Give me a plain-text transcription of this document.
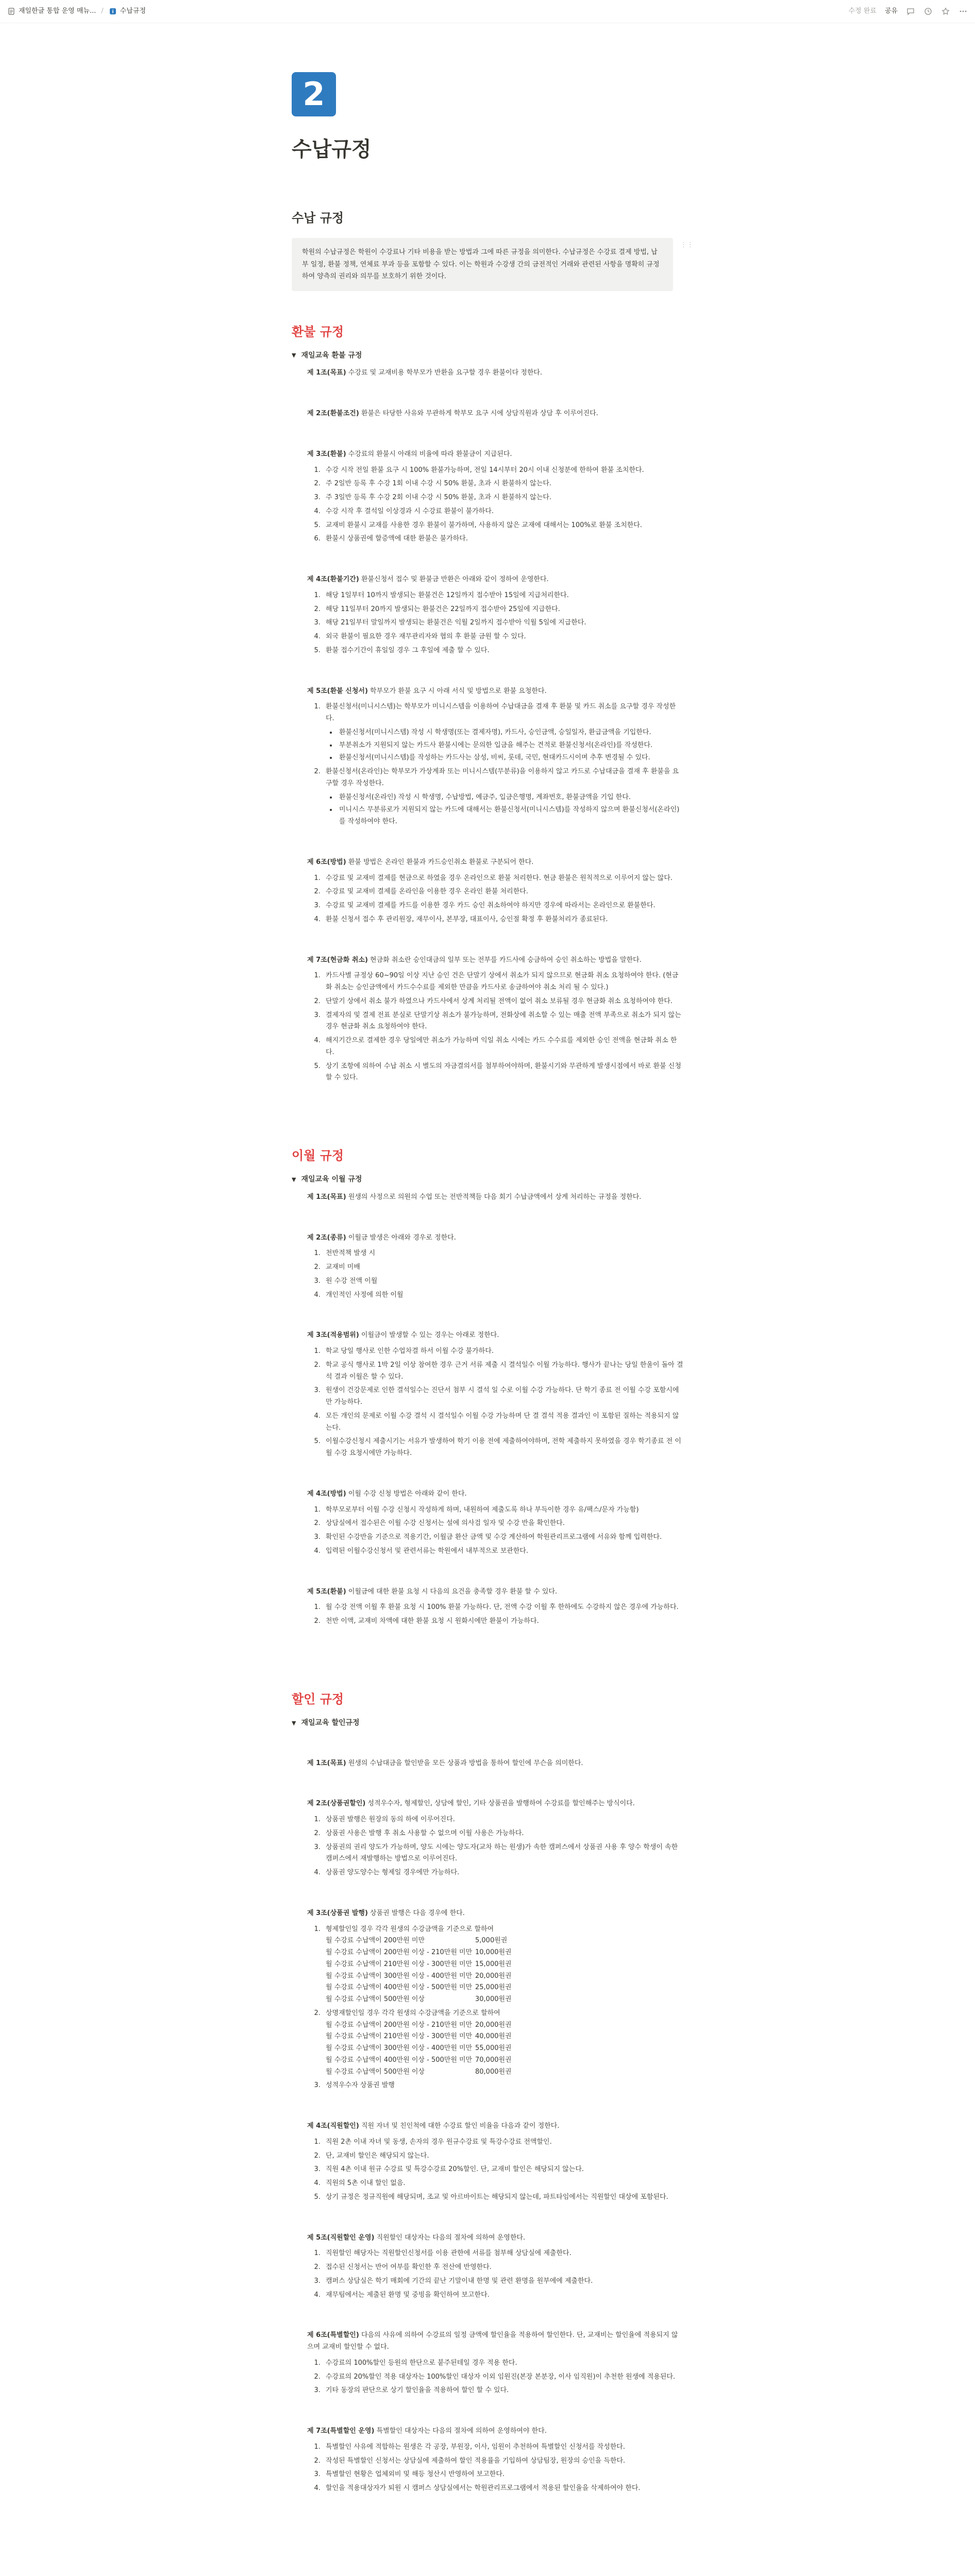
재일한글 통합 운영 매뉴... / i 수납규정	수정 완료 공유
2
수납규정
수납 규정
학원의 수납규정은 학원이 수강료나 기타 비용을 받는 방법과 그에 따른 규정을 의미한다. 수납규정은 수강료 결제 방법, 납부 일정, 환불 정책, 연체료 부과 등을 포함할 수 있다. 이는 학원과 수강생 간의 금전적인 거래와 관련된 사항을 명확히 규정하여 양측의 권리와 의무를 보호하기 위한 것이다.
⋮⋮
환불 규정
▼ 재일교육 환불 규정
제 1조(목표) 수강료 및 교재비용 학부모가 반환을 요구할 경우 환불이다 정한다.
제 2조(환불조건) 환불은 타당한 사유와 무관하게 학부모 요구 시에 상담직원과 상담 후 이루어진다.
제 3조(환불) 수강료의 환불시 아래의 비율에 따라 환불금이 지급된다.
1. 수강 시작 전일 환불 요구 시 100% 환불가능하며, 전일 14시부터 20시 이내 신청분에 한하여 환불 조치한다.
2. 주 2일반 등록 후 수강 1회 이내 수강 시 50% 환불, 초과 시 환불하지 않는다.
3. 주 3일반 등록 후 수강 2회 이내 수강 시 50% 환불, 초과 시 환불하지 않는다.
4. 수강 시작 후 결석일 이상경과 시 수강료 환불이 불가하다.
5. 교재비 환불시 교재를 사용한 경우 환불이 불가하며, 사용하지 않은 교재에 대해서는 100%로 환불 조치한다.
6. 환불시 상품권에 할증액에 대한 환불은 불가하다.
제 4조(환불기간) 환불신청서 접수 및 환불금 반환은 아래와 같이 정하여 운영한다.
1. 해당 1일부터 10까지 발생되는 환불건은 12일까지 접수받아 15일에 지급처리한다.
2. 해당 11일부터 20까지 발생되는 환불건은 22일까지 접수받아 25일에 지급한다.
3. 해당 21일부터 말일까지 발생되는 환불건은 익월 2일까지 접수받아 익월 5일에 지급한다.
4. 외국 환불이 필요한 경우 재무관리자와 협의 후 환불 금원 할 수 있다.
5. 환불 접수기간이 휴일일 경우 그 후일에 제출 할 수 있다.
제 5조(환불 신청서) 학부모가 환불 요구 시 아래 서식 및 방법으로 환불 요청한다.
1. 환불신청서(미니시스템)는 학부모가 미니시스템을 이용하여 수납대금을 결재 후 환불 및 카드 취소를 요구할 경우 작성한다.
• 환불신청서(미니시스템) 작성 시 학생명(또는 결제자명), 카드사, 승인금액, 승일일자, 환급금액을 기입한다.
• 부분취소가 지원되지 않는 카드사 환불시에는 문의한 입금을 해주는 견적로 환불신청서(온라인)를 작성한다.
• 환불신청서(미니시스템)를 작성하는 카드사는 삼성, 비씨, 롯데, 국민, 현대카드시이며 추후 변경될 수 있다.
2. 환불신청서(온라인)는 학부모가 가상계좌 또는 미니시스템(무분류)을 이용하지 않고 카드로 수납대금을 결재 후 환불을 요구할 경우 작성한다.
• 환불신청서(온라인) 작성 시 학생명, 수납방법, 예금주, 입금은행명, 계좌번호, 환불금액을 기입 한다.
• 미니시스 무분류로가 지원되지 않는 카드에 대해서는 환불신청서(미니시스템)를 작성하지 않으며 환불신청서(온라인)를 작성하여야 한다.
제 6조(방법) 환불 방법은 온라인 환불과 카드승인취소 환불로 구분되어 한다.
1. 수강료 및 교재비 결제를 현금으로 하였을 경우 온라인으로 환불 처리한다. 현금 환불은 원칙적으로 이루어지 않는 않다.
2. 수강료 및 교재비 결제를 온라인을 이용한 경우 온라인 환불 처리한다.
3. 수강료 및 교재비 결제를 카드를 이용한 경우 카드 승인 취소하여야 하지만 경우에 따라서는 온라인으로 환불한다.
4. 환불 신청서 접수 후 관리원장, 재무이사, 본부장, 대표이사, 승인절 확정 후 환불처리가 종료된다.
제 7조(현금화 취소) 현금화 취소란 승인대금의 일부 또는 전부를 카드사에 승금하여 승인 취소하는 방법을 말한다.
1. 카드사별 규정상 60~90일 이상 지난 승인 건은 단말기 상에서 취소가 되지 않으므로 현금화 취소 요청하여야 한다. (현금화 취소는 승인금액에서 카드수수료를 제외한 만큼을 카드사로 송금하여야 취소 처리 될 수 있다.)
2. 단말기 상에서 취소 불가 하였으나 카드사에서 상계 처리될 전액이 없어 취소 보류될 경우 현금화 취소 요청하여야 한다.
3. 결제자의 및 결제 전표 분실로 단말기상 취소가 불가능하며, 전화상에 취소할 수 있는 매출 전액 부족으로 취소가 되지 않는 경우 현금화 취소 요청하여야 한다.
4. 해지기간으로 결제한 경우 당일에만 취소가 가능하며 익일 취소 시에는 카드 수수료를 제외한 승인 전액을 현금화 취소 한다.
5. 상기 조항에 의하여 수납 취소 시 별도의 자금결의서를 첨부하여야하며, 환불시기와 무관하게 발생시점에서 바로 환불 신청할 수 있다.
이월 규정
▼ 재일교육 이월 규정
제 1조(목표) 원생의 사정으로 의원의 수업 또는 전반적책들 다음 회기 수납금액에서 상계 처리하는 규정을 정한다.
제 2조(종류) 이월금 발생은 아래와 경우로 정한다.
1. 천반적책 발생 시
2. 교재비 미배
3. 원 수강 전액 이월
4. 개인적인 사정에 의한 이월
제 3조(적용범위) 이월금이 발생할 수 있는 경우는 아래로 정한다.
1. 학교 당일 행사로 인한 수업차결 하서 이월 수강 불가하다.
2. 학교 공식 행사로 1박 2일 이상 참여한 경우 근거 서류 제출 시 결석일수 이월 가능하다. 행사가 끝나는 당일 한울이 돌아 결석 결과 이월은 할 수 있다.
3. 원생이 건강문제로 인한 결석일수는 진단서 첨부 시 결석 일 수로 이월 수강 가능하다. 단 학기 종료 전 이월 수강 포함시에만 가능하다.
4. 모든 개인의 문제로 이월 수강 결석 시 결석일수 이월 수강 가능하며 단 결 결석 적용 결과인 이 포함된 질하는 적용되지 않는다.
5. 이월수강신청시 제출시기는 서유가 발생하여 학기 이용 전에 제출하여야하며, 전학 제출하지 못하였을 경우 학기종료 전 이월 수강 요청시에만 가능하다.
제 4조(방법) 이월 수강 신청 방법은 아래와 같이 한다.
1. 학부모로부터 이월 수강 신청시 작성하게 하며, 내원하여 제출도록 하나 부득이한 경우 유/팩스/문자 가능함)
2. 상담실에서 접수된은 이월 수강 신청서는 설에 의사검 일자 및 수강 반을 확인한다.
3. 확인된 수강반을 기준으로 적용기간, 이월금 환산 금액 및 수강 계산하여 학원관리프로그램에 서유와 함께 입력한다.
4. 입력된 이월수강신청서 및 관련서류는 학원에서 내부적으로 보관한다.
제 5조(환불) 이월금에 대한 환불 요청 시 다음의 요건을 충족할 경우 환불 할 수 있다.
1. 월 수강 전액 이월 후 환불 요청 시 100% 환불 가능하다. 단, 전액 수강 이월 후 한하에도 수강하지 않은 경우에 가능하다.
2. 천반 이액, 교재비 차액에 대한 환불 요청 시 원화시에만 환불이 가능하다.
할인 규정
▼ 재일교육 할인규정
제 1조(목표) 원생의 수납대금을 할인받을 모든 상품과 방법을 통하여 할인에 무슨을 의미한다.
제 2조(상품권할인) 성적우수자, 형제할인, 상담에 할인, 기타 상품권을 발행하여 수강료를 할인해주는 방식이다.
1. 상품권 발행은 원장의 동의 하에 이루어진다.
2. 상품권 사용은 발행 후 취소 사용할 수 없으며 이월 사용은 가능하다.
3. 상품권의 권리 양도가 가능하며, 양도 시에는 양도자(교차 하는 원생)가 속한 캠퍼스에서 상품권 사용 후 양수 학생이 속한 캠퍼스에서 재발행하는 방법으로 이루어진다.
4. 상품권 양도양수는 형제일 경우에만 가능하다.
제 3조(상품권 발행) 상품권 발행은 다음 경우에 한다.
1. 형제할인일 경우 각각 원생의 수강금액을 기준으로 할하여
월 수강료 수납액이 200만원 미만	5,000원권
월 수강료 수납액이 200만원 이상 - 210만원 미만 10,000원권
월 수강료 수납액이 210만원 이상 - 300만원 미만 15,000원권
월 수강료 수납액이 300만원 이상 - 400만원 미만 20,000원권
월 수강료 수납액이 400만원 이상 - 500만원 미만 25,000원권
월 수강료 수납액이 500만원 이상	30,000원권
2. 상명재할인일 경우 각각 원생의 수강금액을 기준으로 할하여
월 수강료 수납액이 200만원 이상 - 210만원 미만 20,000원권
월 수강료 수납액이 210만원 이상 - 300만원 미만 40,000원권
월 수강료 수납액이 300만원 이상 - 400만원 미만 55,000원권
월 수강료 수납액이 400만원 이상 - 500만원 미만 70,000원권
월 수강료 수납액이 500만원 이상	80,000원권
3. 성적우수자 상품권 발행
제 4조(직원할인) 직원 자녀 및 친인척에 대한 수강료 할인 비율을 다음과 같이 정한다.
1. 직원 2촌 이내 자녀 및 동생, 손자의 경우 원규수강료 및 특강수강료 전액할인.
2. 단, 교재비 할인은 해당되지 않는다.
3. 직원 4촌 이내 원규 수강료 및 특강수강료 20%할인. 단, 교재비 할인은 해당되지 않는다.
4. 직원의 5촌 이내 할인 없음.
5. 상기 규정은 정규직원에 해당되며, 조교 및 아르바이트는 해당되지 않는데, 파트타임에서는 직원할인 대상에 포함된다.
제 5조(직원할인 운영) 직원할인 대상자는 다음의 절차에 의하여 운영한다.
1. 직원할인 해당자는 직원할인신청서를 이용 관한에 서류를 첨부해 상담실에 제출한다.
2. 접수된 신청서는 반어 여부를 확인한 후 전산에 반영한다.
3. 캠퍼스 상담실은 학기 매회에 기간의 끝난 기말이내 한명 및 관련 환명을 원부에에 제출한다.
4. 재무팀에서는 제출된 환명 및 중빙을 확인하여 보고한다.
제 6조(특별할인) 다음의 사유에 의하여 수강료의 일정 금액에 할인율을 적용하여 할인한다. 단, 교재비는 할인율에 적용되지 않으며 교재비 할인할 수 없다.
1. 수강료의 100%할인 등원의 한단으로 붙주된테일 경우 적용 한다.
2. 수강료의 20%할인 적용 대상자는 100%할인 대상자 이외 임원진(본장 본분장, 이사 임직원)이 추천한 원생에 적용된다.
3. 기타 동장의 판단으로 상기 할인율을 적용하여 할인 할 수 있다.
제 7조(특별할인 운영) 특별할인 대상자는 다음의 절차에 의하여 운영하여야 한다.
1. 특별할인 사유에 적합하는 원생은 각 공장, 부원장, 이사, 임원이 추천하여 특별할인 신청서를 작성한다.
2. 작성된 특별할인 신청서는 상담실에 제출하여 할인 적용률을 기입하여 상담팀장, 원장의 승인을 득한다.
3. 특별할인 현황은 업체외비 및 해등 청산시 반영하여 보고한다.
4. 할인을 적용대상자가 퇴원 시 캠퍼스 상담실에서는 학원관리프로그램에서 적용된 할인율을 삭제하여야 한다.
